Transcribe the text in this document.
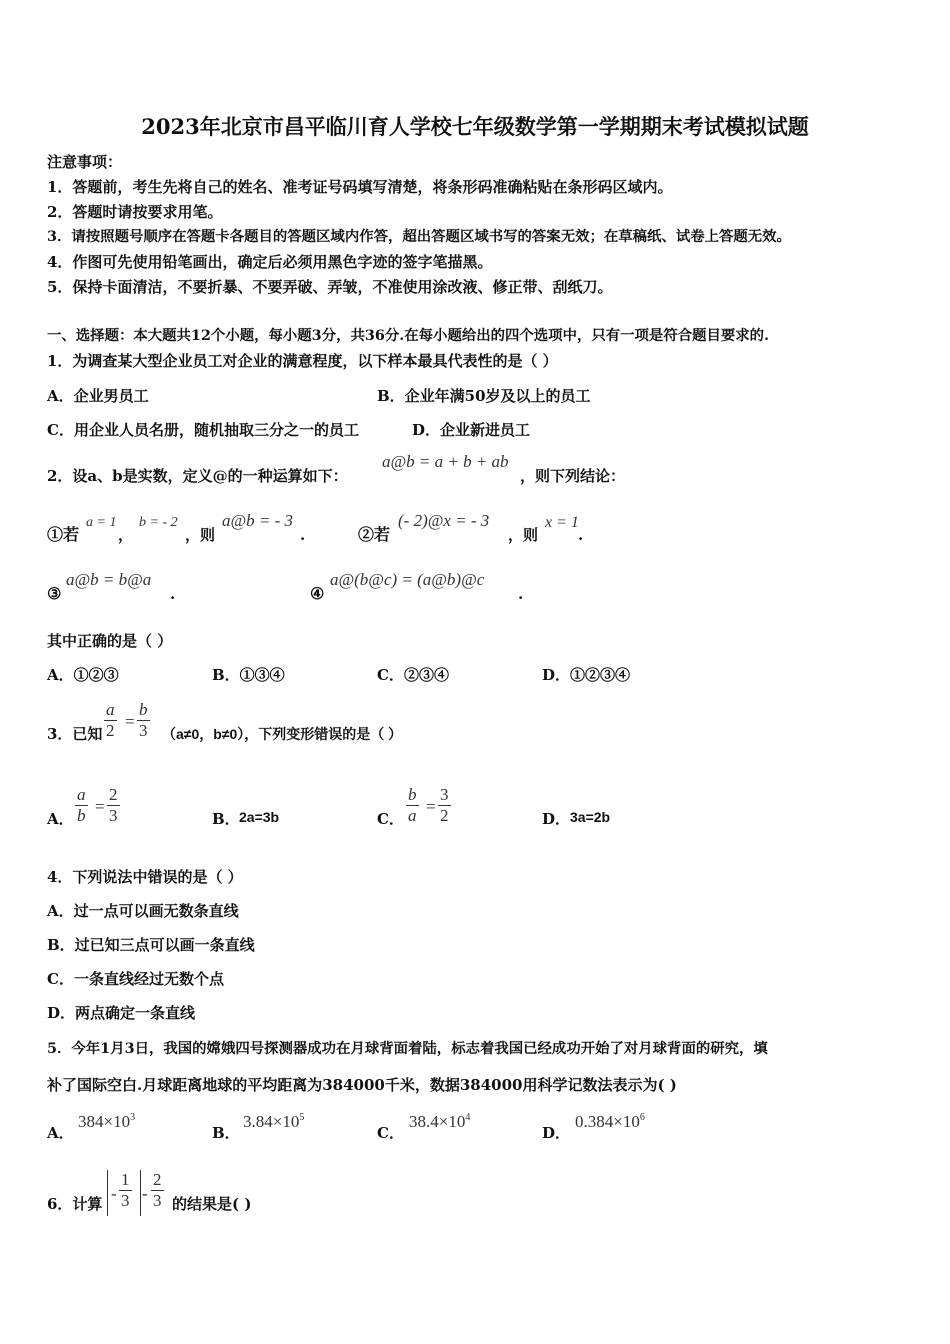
2023年北京市昌平临川育人学校七年级数学第一学期期末考试模拟试题
注意事项：
1．答题前，考生先将自己的姓名、准考证号码填写清楚，将条形码准确粘贴在条形码区域内。
2．答题时请按要求用笔。
3．请按照题号顺序在答题卡各题目的答题区域内作答，超出答题区域书写的答案无效；在草稿纸、试卷上答题无效。
4．作图可先使用铅笔画出，确定后必须用黑色字迹的签字笔描黑。
5．保持卡面清洁，不要折暴、不要弄破、弄皱，不准使用涂改液、修正带、刮纸刀。
一、选择题：本大题共12个小题，每小题3分，共36分.在每小题给出的四个选项中，只有一项是符合题目要求的.
1．为调查某大型企业员工对企业的满意程度，以下样本最具代表性的是（ ）
A．企业男员工	B．企业年满50岁及以上的员工
C．用企业人员名册，随机抽取三分之一的员工	D．企业新进员工
2．设a、b是实数，定义@的一种运算如下：
a@b = a + b + ab
，则下列结论：
①若
a = 1
，
b = - 2
，则
a@b = - 3
.	②若
(- 2)@x = - 3
，则
x = 1
.
③
a@b = b@a
.	④
a@(b@c) = (a@b)@c
.
其中正确的是（ ）
A．①②③	B．①③④	C．②③④	D．①②③④
3．已知 $\frac{a}{2} = \frac{b}{3} (a\ne 0$，b≠0），下列变形错误的是（ ）
A． $\frac{a}{b} = \frac{2}{3}$	B． 2a=3b	C． $\frac{b}{a} = \frac{3}{2}$	D． 3a=2b
4．下列说法中错误的是（ ）
A．过一点可以画无数条直线
B．过已知三点可以画一条直线
C．一条直线经过无数个点
D．两点确定一条直线
5．今年1月3日，我国的嫦娥四号探测器成功在月球背面着陆，标志着我国已经成功开始了对月球背面的研究，填
补了国际空白.月球距离地球的平均距离为384000千米，数据384000用科学记数法表示为( )
A．
$384\times 10^3$
B．
$3.84\times 10^5$
C．
$38.4\times 10^4$
D．
$0.384\times 10^6$
6．计算
- $\frac{1}{3} - \frac{2}{3}$ 的结果是( )
